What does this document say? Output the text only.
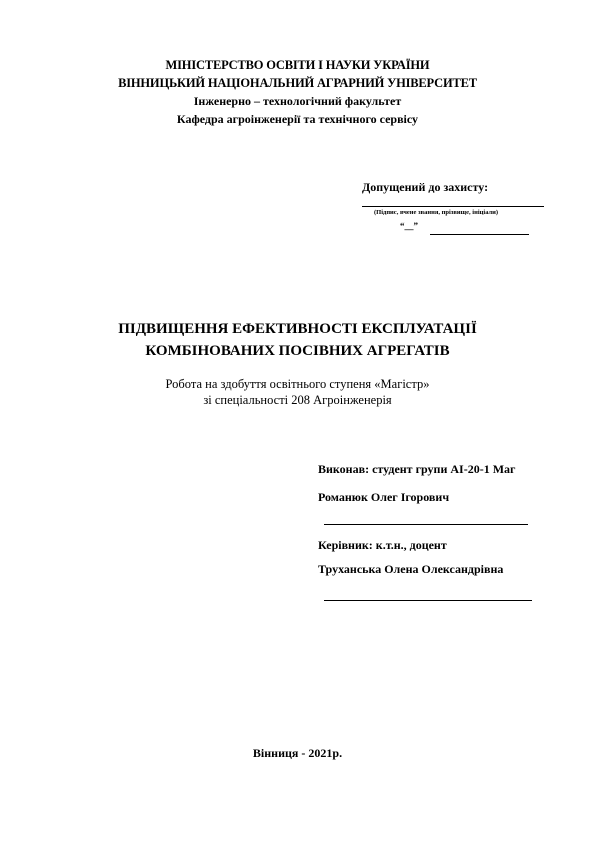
МІНІСТЕРСТВО ОСВІТИ І НАУКИ УКРАЇНИ
ВІННИЦЬКИЙ НАЦІОНАЛЬНИЙ АГРАРНИЙ УНІВЕРСИТЕТ
Інженерно – технологічний факультет
Кафедра агроінженерії та технічного сервісу
Допущений до захисту:
(Підпис, вчене звання, прізвище, ініціали)
“__”
ПІДВИЩЕННЯ ЕФЕКТИВНОСТІ ЕКСПЛУАТАЦІЇ
КОМБІНОВАНИХ ПОСІВНИХ АГРЕГАТІВ
Робота на здобуття освітнього ступеня «Магістр»
зі спеціальності 208 Агроінженерія
Виконав: студент групи АІ-20-1 Маг
Романюк Олег Ігорович
Керівник: к.т.н., доцент
Труханська Олена Олександрівна
Вінниця - 2021р.
